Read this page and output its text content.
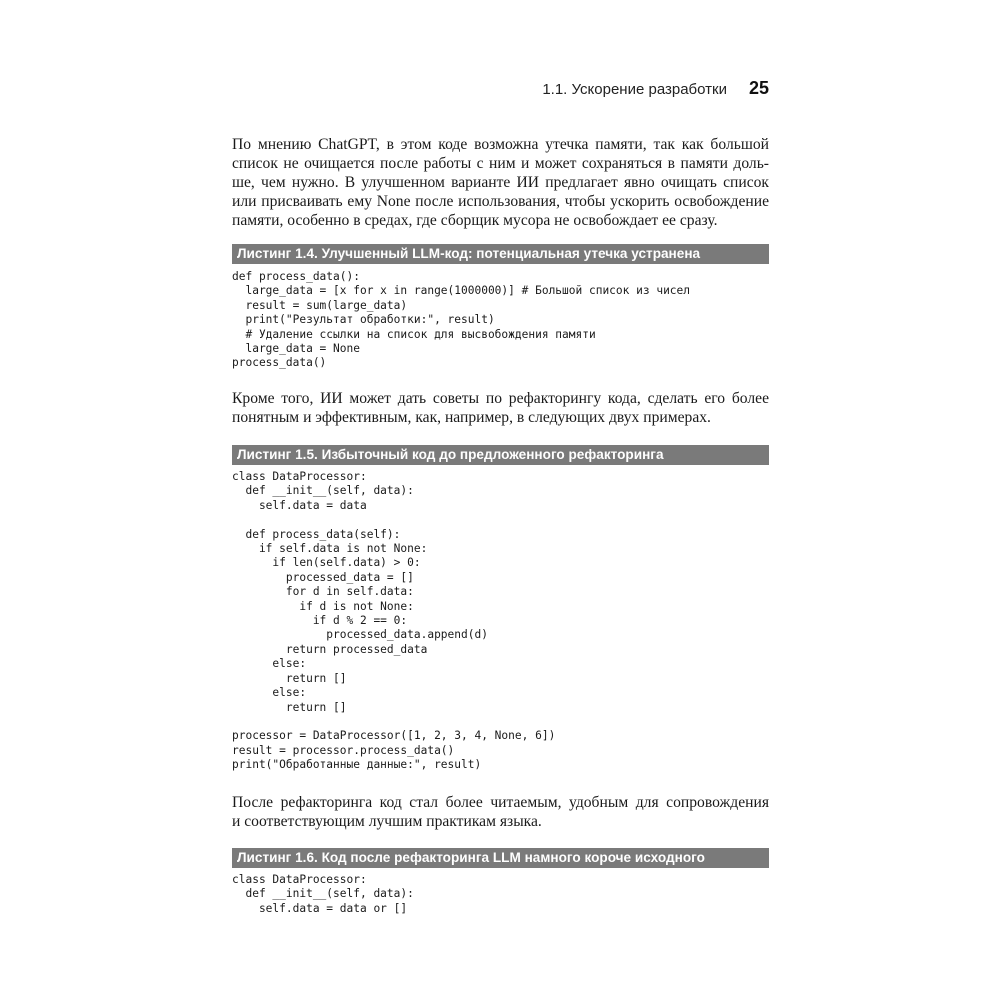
1.1. Ускорение разработки 25
По мнению ChatGPT, в этом коде возможна утечка памяти, так как большой
список не очищается после работы с ним и может сохраняться в памяти доль-
ше, чем нужно. В улучшенном варианте ИИ предлагает явно очищать список
или присваивать ему None после использования, чтобы ускорить освобождение
памяти, особенно в средах, где сборщик мусора не освобождает ее сразу.
Листинг 1.4. Улучшенный LLM-код: потенциальная утечка устранена
def process_data():
large_data = [x for x in range(1000000)] # Большой список из чисел
result = sum(large_data)
print("Результат обработки:", result)
# Удаление ссылки на список для высвобождения памяти
large_data = None
process_data()
Кроме того, ИИ может дать советы по рефакторингу кода, сделать его более
понятным и эффективным, как, например, в следующих двух примерах.
Листинг 1.5. Избыточный код до предложенного рефакторинга
class DataProcessor:
def __init__(self, data):
self.data = data

def process_data(self):
if self.data is not None:
if len(self.data) > 0:
processed_data = []
for d in self.data:
if d is not None:
if d % 2 == 0:
processed_data.append(d)
return processed_data
else:
return []
else:
return []

processor = DataProcessor([1, 2, 3, 4, None, 6])
result = processor.process_data()
print("Обработанные данные:", result)
После рефакторинга код стал более читаемым, удобным для сопровождения
и соответствующим лучшим практикам языка.
Листинг 1.6. Код после рефакторинга LLM намного короче исходного
class DataProcessor:
def __init__(self, data):
self.data = data or []
